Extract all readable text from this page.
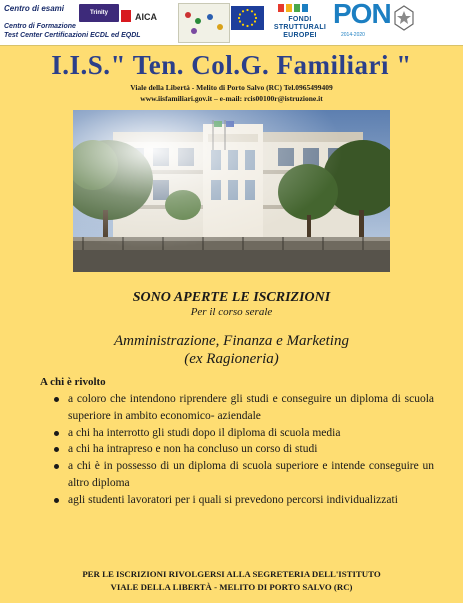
Centro di esami
Centro di Formazione
Test Center Certificazioni ECDL ed EQDL
Trinity	AICA	FONDI STRUTTURALI EUROPEI
PON
2014-2020
I.I.S." Ten. Col.G. Familiari "
Viale della Libertà - Melito di Porto Salvo (RC) Tel.0965499409
www.iisfamiliari.gov.it – e-mail: rcis00100r@istruzione.it
SONO APERTE LE ISCRIZIONI
Per il corso serale
Amministrazione, Finanza e Marketing
(ex Ragioneria)
A chi è rivolto
a coloro che intendono riprendere gli studi e conseguire un diploma di scuola superiore in ambito economico- aziendale
a chi ha interrotto gli studi dopo il diploma di scuola media
a chi ha intrapreso e non ha concluso un corso di studi
a chi è in possesso di un diploma di scuola superiore e intende conseguire un altro diploma
agli studenti lavoratori per i quali si prevedono percorsi individualizzati
PER LE ISCRIZIONI RIVOLGERSI ALLA SEGRETERIA DELL'ISTITUTO
VIALE DELLA LIBERTÀ - MELITO DI PORTO SALVO (RC)
